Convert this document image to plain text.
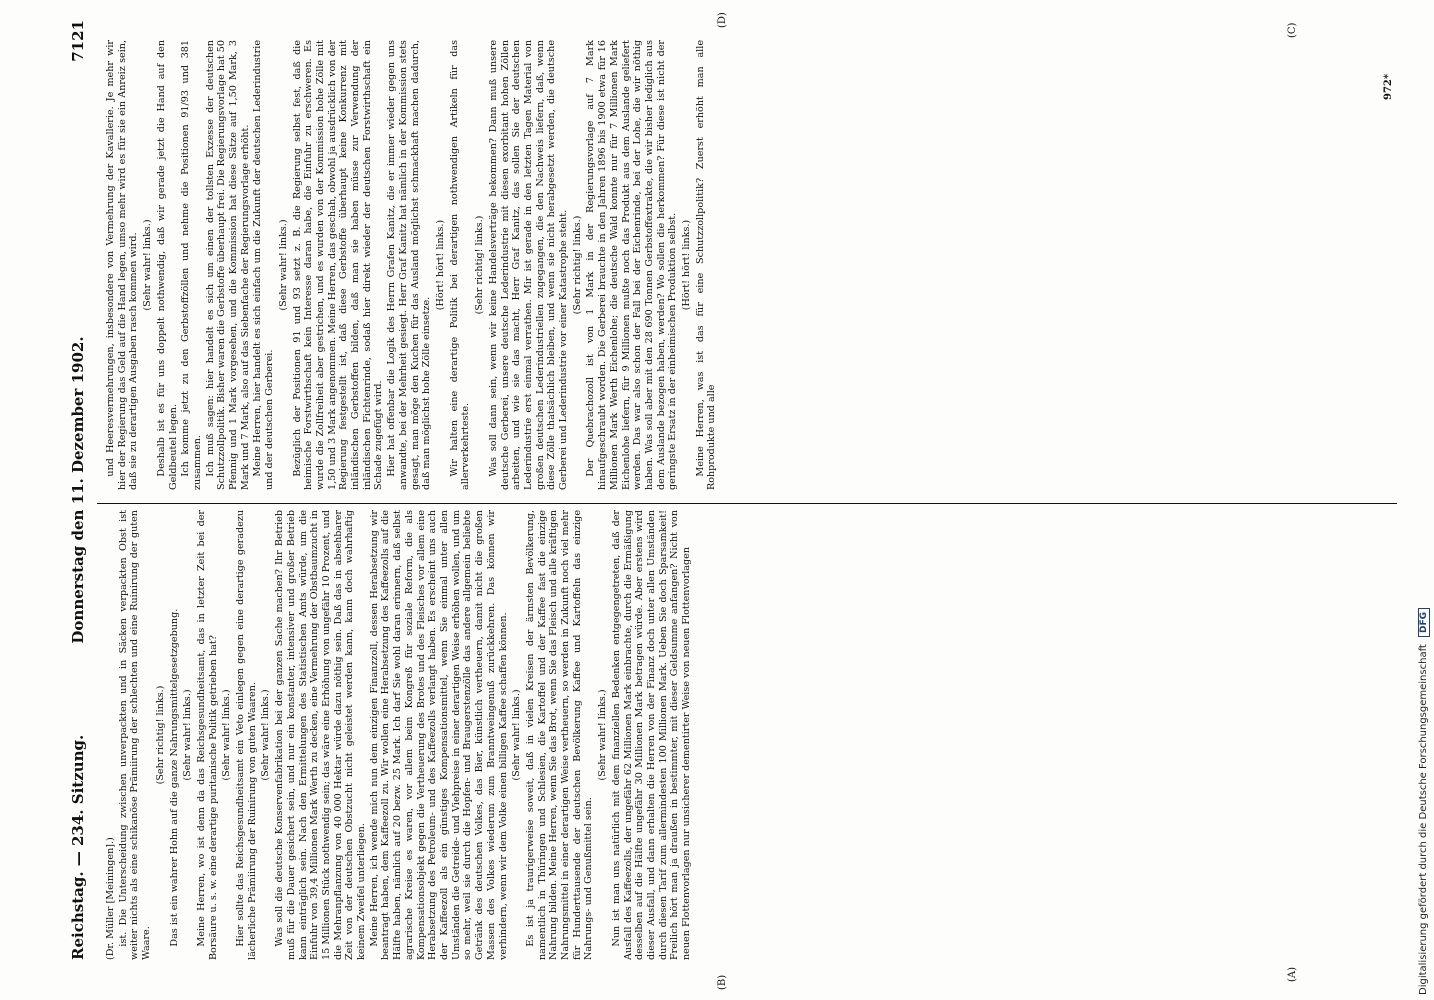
Reichstag. — 234. Sitzung.
Donnerstag den 11. Dezember 1902.
7121
(A)
(B)
(C)
(D)

(Dr. Müller [Meiningen].) ist. Die Unterscheidung zwischen unverpackten und in Säcken verpackten Obst ist weiter nichts als eine schikanöse Prämiirung der schlechten und eine Ruinirung der guten Waare.

(Sehr richtig! links.) Das ist ein wahrer Hohn auf die ganze Nahrungsmittelgesetzgebung. (Sehr wahr! links.) Meine Herren, wo ist denn da das Reichsgesundheitsamt, das in letzter Zeit bei der Borsäure u. s. w. eine derartige puritanische Politik getrieben hat? (Sehr wahr! links.) Hier sollte das Reichsgesundheitsamt ein Veto einlegen gegen eine derartige geradezu lächerliche Prämiirung der Ruinirung von guten Waaren. (Sehr wahr! links.) Was soll die deutsche Konservenfabrikation bei der ganzen Sache machen? Ihr Betrieb muß für die Dauer gesichert sein, und nur ein konstanter, intensiver und großer Betrieb kann einträglich sein. Nach den Ermittelungen des Statistischen Amts würde, um die Einfuhr von 39,4 Millionen Mark Werth zu decken, eine Vermehrung der Obstbaumzucht in 15 Millionen Stück nothwendig sein; das wäre eine Erhöhung von ungefähr 10 Prozent, und die Mehranpflanzung von 40 000 Hektar würde dazu nöthig sein. Daß das in absehbarer Zeit von der deutschen Obstzucht nicht geleistet werden kann, kann doch wahrhaftig keinem Zweifel unterliegen. Meine Herren, ich wende mich nun dem einzigen Finanzzoll, dessen Herabsetzung wir beantragt haben, dem Kaffeezoll zu. Wir wollen eine Herabsetzung des Kaffeezolls auf die Hälfte haben, nämlich auf 20 bezw. 25 Mark. Ich darf Sie wohl daran erinnern, daß selbst agrarische Kreise es waren, vor allem beim Kongreß für soziale Reform, die als Kompensationsobjekt gegen die Vertheuerung des Brotes und des Fleisches vor allem eine Herabsetzung des Petroleum- und des Kaffeezolls verlangt haben. Es erscheint uns auch der Kaffeezoll als ein günstiges Kompensationsmittel, wenn Sie einmal unter allen Umständen die Getreide- und Viehpreise in einer derartigen Weise erhöhen wollen, und um so mehr, weil sie durch die Hopfen- und Braugerstenzölle das andere allgemein beliebte Getränk des deutschen Volkes, das Bier, künstlich vertheuern, damit nicht die großen Massen des Volkes wiederum zum Branntweingenuß zurückkehren. Das können wir verhindern, wenn wir dem Volke einen billigen Kaffee schaffen können. (Sehr wahr! links.) Es ist ja traurigerweise soweit, daß in vielen Kreisen der ärmsten Bevölkerung, namentlich in Thüringen und Schlesien, die Kartoffel und der Kaffee fast die einzige Nahrung bilden. Meine Herren, wenn Sie das Brot, wenn Sie das Fleisch und alle kräftigen Nahrungsmittel in einer derartigen Weise vertheuern, so werden in Zukunft noch viel mehr für Hunderttausende der deutschen Bevölkerung Kaffee und Kartoffeln das einzige Nahrungs- und Genußmittel sein.

(Sehr wahr! links.) Nun ist man uns natürlich mit dem finanziellen Bedenken entgegengetreten, daß der Ausfall des Kaffeezolls, der ungefähr 62 Millionen Mark einbrachte, durch die Ermäßigung desselben auf die Hälfte ungefähr 30 Millionen Mark betragen würde. Aber erstens wird dieser Ausfall, und dann erhalten die Herren von der Finanz doch unter allen Umständen durch diesen Tarif zum allermindesten 100 Millionen Mark. Ueben Sie doch Sparsamkeit! Freilich hört man ja draußen in bestimmter, mit dieser Geldsumme anfangen? Nicht von neuen Flottenvorlagen nur unsicherer dementirter Weise von neuen Flottenvorlagen

und Heeresvermehrungen, insbesondere von Vermehrung der Kavallerie. Je mehr wir hier der Regierung das Geld auf die Hand legen, umso mehr wird es für sie ein Anreiz sein, daß sie zu derartigen Ausgaben rasch kommen wird. (Sehr wahr! links.) Deshalb ist es für uns doppelt nothwendig, daß wir gerade jetzt die Hand auf den Geldbeutel legen. Ich komme jetzt zu den Gerbstoffzöllen und nehme die Positionen 91/93 und 381 zusammen. Ich muß sagen: hier handelt es sich um einen der tollsten Exzesse der deutschen Schutzzollpolitik. Bisher waren die Gerbstoffe überhaupt frei. Die Regierungsvorlage hat 50 Pfennig und 1 Mark vorgesehen, und die Kommission hat diese Sätze auf 1,50 Mark, 3 Mark und 7 Mark, also auf das Siebenfache der Regierungsvorlage erhöht. Meine Herren, hier handelt es sich einfach um die Zukunft der deutschen Lederindustrie und der deutschen Gerberei.

(Sehr wahr! links.) Bezüglich der Positionen 91 und 93 setzt z. B. die Regierung selbst fest, daß die heimische Forstwirthschaft kein Interesse daran habe, die Einfuhr zu erschweren. Es wurde die Zollfreiheit aber gestrichen, und es wurden von der Kommission hohe Zölle mit 1,50 und 3 Mark angenommen. Meine Herren, das geschah, obwohl ja ausdrücklich von der Regierung festgestellt ist, daß diese Gerbstoffe überhaupt keine Konkurrenz mit inländischen Gerbstoffen bilden, daß man sie haben müsse zur Verwendung der inländischen Fichtenrinde, sodaß hier direkt wieder der deutschen Forstwirthschaft ein Schade zugefügt wird. Hier hat offenbar die Logik des Herrn Grafen Kanitz, die er immer wieder gegen uns anwandte, bei der Mehrheit gesiegt. Herr Graf Kanitz hat nämlich in der Kommission stets gesagt, man möge den Kuchen für das Ausland möglichst schmackhaft machen dadurch, daß man möglichst hohe Zölle einsetze.

(Hört! hört! links.) Wir halten eine derartige Politik bei derartigen nothwendigen Artikeln für das allerverkehrteste.

(Sehr richtig! links.) Was soll dann sein, wenn wir keine Handelsverträge bekommen? Dann muß unsere deutsche Gerberei, unsere deutsche Lederindustrie mit diesen exorbitant hohen Zöllen arbeiten, und wie sie das macht, Herr Graf Kanitz, das sollen Sie der deutschen Lederindustrie erst einmal verrathen. Mir ist gerade in den letzten Tagen Material von großen deutschen Lederindustriellen zugegangen, die den Nachweis liefern, daß, wenn diese Zölle thatsächlich bleiben, und wenn sie nicht herabgesetzt werden, die deutsche Gerberei und Lederindustrie vor einer Katastrophe steht. (Sehr richtig! links.) Der Quebrachozoll ist von 1 Mark in der Regierungsvorlage auf 7 Mark hinaufgeschraubt worden. Die Gerberei brauchte in den Jahren 1896 bis 1900 etwa für 16 Millionen Mark Werth Eichenlohe; die deutsche Wald konnte nur für 7 Millionen Mark Eichenlohe liefern, für 9 Millionen mußte noch das Produkt aus dem Auslande geliefert werden. Das war also schon der Fall bei der Eichenrinde, bei der Lohe, die wir nöthig haben. Was soll aber mit den 28 690 Tonnen Gerbstoffextrakte, die wir bisher lediglich aus dem Auslande bezogen haben, werden? Wo sollen die herkommen? Für diese ist nicht der geringste Ersatz in der einheimischen Produktion selbst. (Hört! hört! links.) Meine Herren, was ist das für eine Schutzzollpolitik? Zuerst erhöht man alle Rohprodukte und alle

972*
Digitalisierung gefördert durch die Deutsche Forschungsgemeinschaft DFG
